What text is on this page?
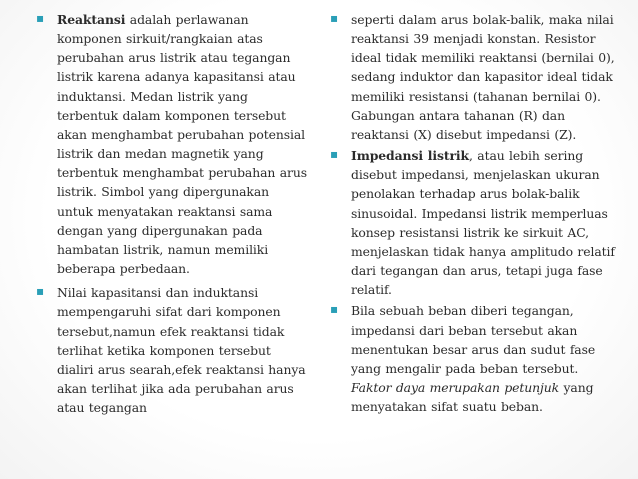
▪ Reaktansi adalah perlawanan komponen sirkuit/rangkaian atas perubahan arus listrik atau tegangan listrik karena adanya kapasitansi atau induktansi. Medan listrik yang terbentuk dalam komponen tersebut akan menghambat perubahan potensial listrik dan medan magnetik yang terbentuk menghambat perubahan arus listrik. Simbol yang dipergunakan untuk menyatakan reaktansi sama dengan yang dipergunakan pada hambatan listrik, namun memiliki beberapa perbedaan.

▪ Nilai kapasitansi dan induktansi mempengaruhi sifat dari komponen tersebut,namun efek reaktansi tidak terlihat ketika komponen tersebut dialiri arus searah,efek reaktansi hanya akan terlihat jika ada perubahan arus atau tegangan

▪ seperti dalam arus bolak-balik, maka nilai reaktansi 39 menjadi konstan. Resistor ideal tidak memiliki reaktansi (bernilai 0), sedang induktor dan kapasitor ideal tidak memiliki resistansi (tahanan bernilai 0). Gabungan antara tahanan (R) dan reaktansi (X) disebut impedansi (Z).

▪ Impedansi listrik, atau lebih sering disebut impedansi, menjelaskan ukuran penolakan terhadap arus bolak-balik sinusoidal. Impedansi listrik memperluas konsep resistansi listrik ke sirkuit AC, menjelaskan tidak hanya amplitudo relatif dari tegangan dan arus, tetapi juga fase relatif.

▪ Bila sebuah beban diberi tegangan, impedansi dari beban tersebut akan menentukan besar arus dan sudut fase yang mengalir pada beban tersebut. Faktor daya merupakan petunjuk yang menyatakan sifat suatu beban.
